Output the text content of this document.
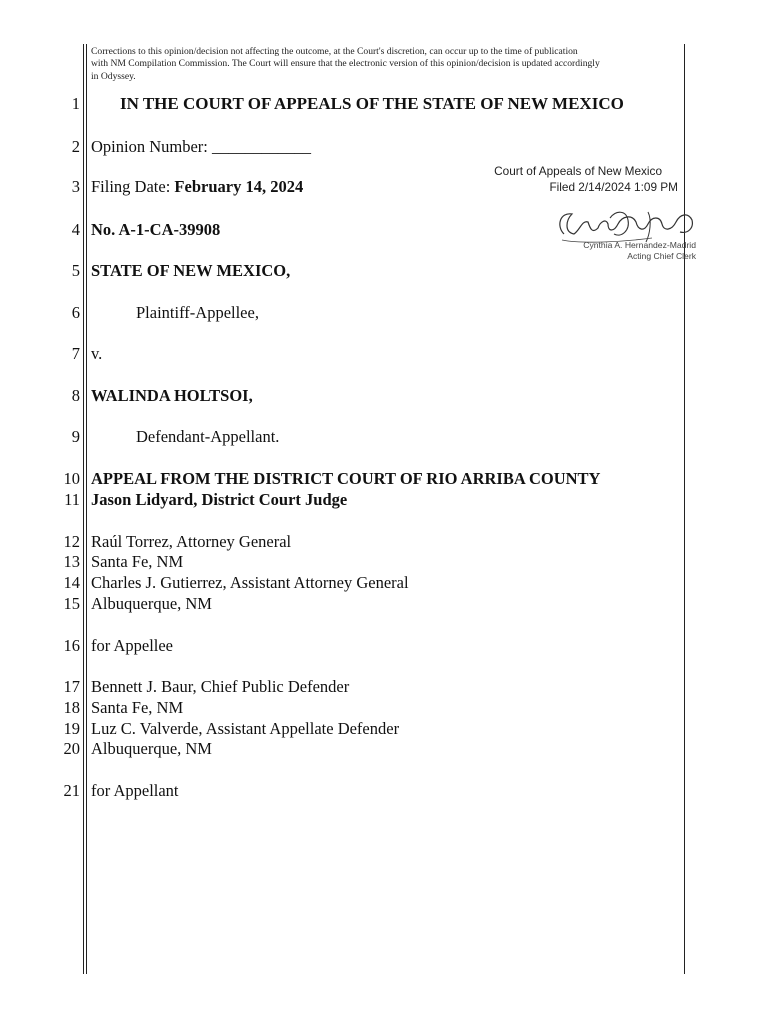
Corrections to this opinion/decision not affecting the outcome, at the Court's discretion, can occur up to the time of publication
with NM Compilation Commission. The Court will ensure that the electronic version of this opinion/decision is updated accordingly
in Odyssey.
Court of Appeals of New Mexico
Filed 2/14/2024 1:09 PM
Cynthia A. Hernandez-Madrid
Acting Chief Clerk
1 IN THE COURT OF APPEALS OF THE STATE OF NEW MEXICO
2 Opinion Number: ____________
3 Filing Date: February 14, 2024
4 No. A-1-CA-39908
5 STATE OF NEW MEXICO,
6	Plaintiff-Appellee,
7 v.
8 WALINDA HOLTSOI,
9	Defendant-Appellant.
10 APPEAL FROM THE DISTRICT COURT OF RIO ARRIBA COUNTY
11 Jason Lidyard, District Court Judge
12 Raúl Torrez, Attorney General
13 Santa Fe, NM
14 Charles J. Gutierrez, Assistant Attorney General
15 Albuquerque, NM
16 for Appellee
17 Bennett J. Baur, Chief Public Defender
18 Santa Fe, NM
19 Luz C. Valverde, Assistant Appellate Defender
20 Albuquerque, NM
21 for Appellant
